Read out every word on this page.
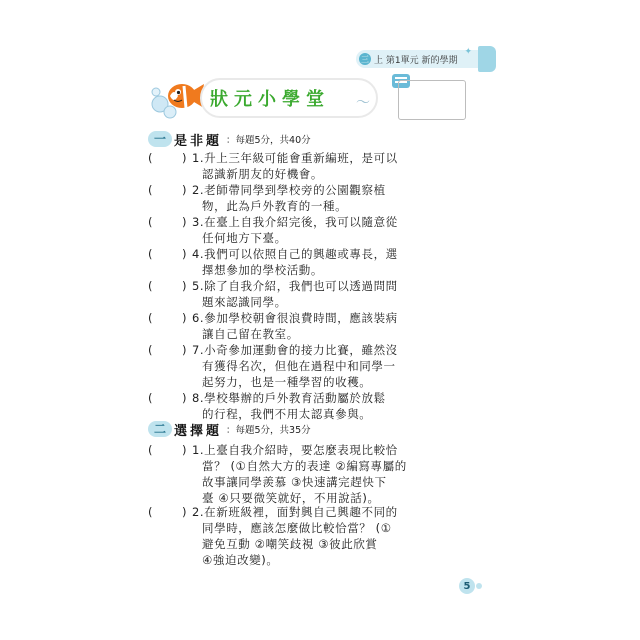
三 上 第1單元 新的學期
✦
狀元小學堂 ～
一 是非題 ：每題5分，共40分
( ) 1.升上三年級可能會重新編班，是可以
認識新朋友的好機會。
( ) 2.老師帶同學到學校旁的公園觀察植
物，此為戶外教育的一種。
( ) 3.在臺上自我介紹完後，我可以隨意從
任何地方下臺。
( ) 4.我們可以依照自己的興趣或專長，選
擇想參加的學校活動。
( ) 5.除了自我介紹，我們也可以透過問問
題來認識同學。
( ) 6.參加學校朝會很浪費時間，應該裝病
讓自己留在教室。
( ) 7.小奇參加運動會的接力比賽，雖然沒
有獲得名次，但他在過程中和同學一
起努力，也是一種學習的收穫。
( ) 8.學校舉辦的戶外教育活動屬於放鬆
的行程，我們不用太認真參與。
二 選擇題 ：每題5分，共35分
( ) 1.上臺自我介紹時，要怎麼表現比較恰
當？ (①自然大方的表達 ②編寫專屬的
故事讓同學羨慕 ③快速講完趕快下
臺 ④只要微笑就好，不用說話)。
( ) 2.在新班級裡，面對興自己興趣不同的
同學時，應該怎麼做比較恰當？ (①
避免互動 ②嘲笑歧視 ③彼此欣賞
④強迫改變)。
5
